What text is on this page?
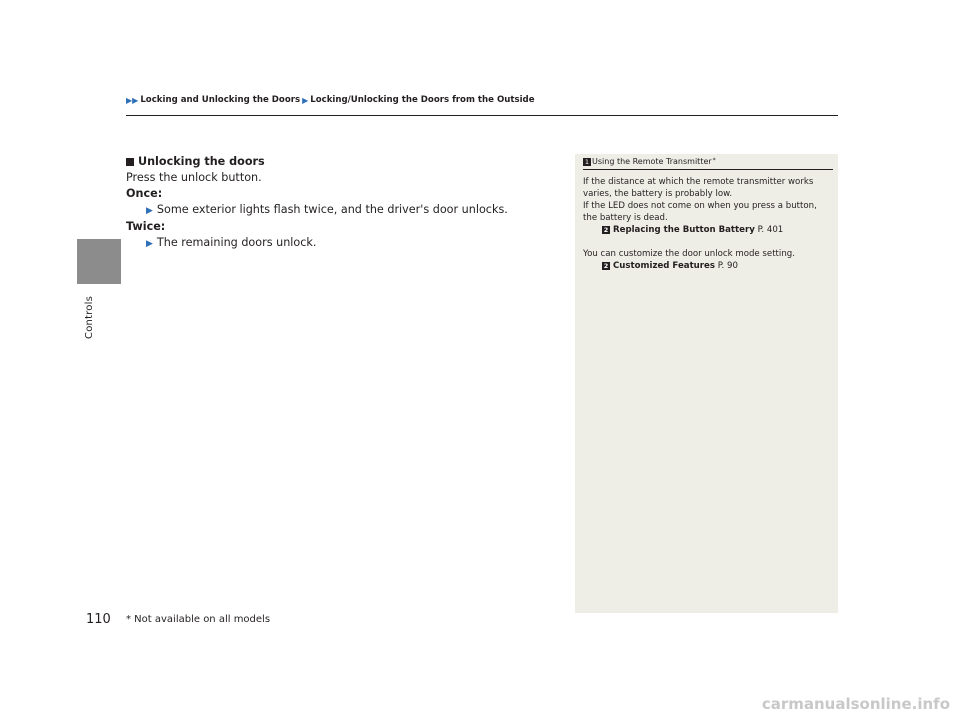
Controls
▶▶ Locking and Unlocking the Doors ▶ Locking/Unlocking the Doors from the Outside
Unlocking the doors
Press the unlock button.
Once:
▶ Some exterior lights flash twice, and the driver's door unlocks.
Twice:
▶ The remaining doors unlock.
1 Using the Remote Transmitter *

If the distance at which the remote transmitter works varies, the battery is probably low.

If the LED does not come on when you press a button, the battery is dead.

2 Replacing the Button Battery P. 401

You can customize the door unlock mode setting.

2 Customized Features P. 90

110 * Not available on all models
carmanualsonline.info
